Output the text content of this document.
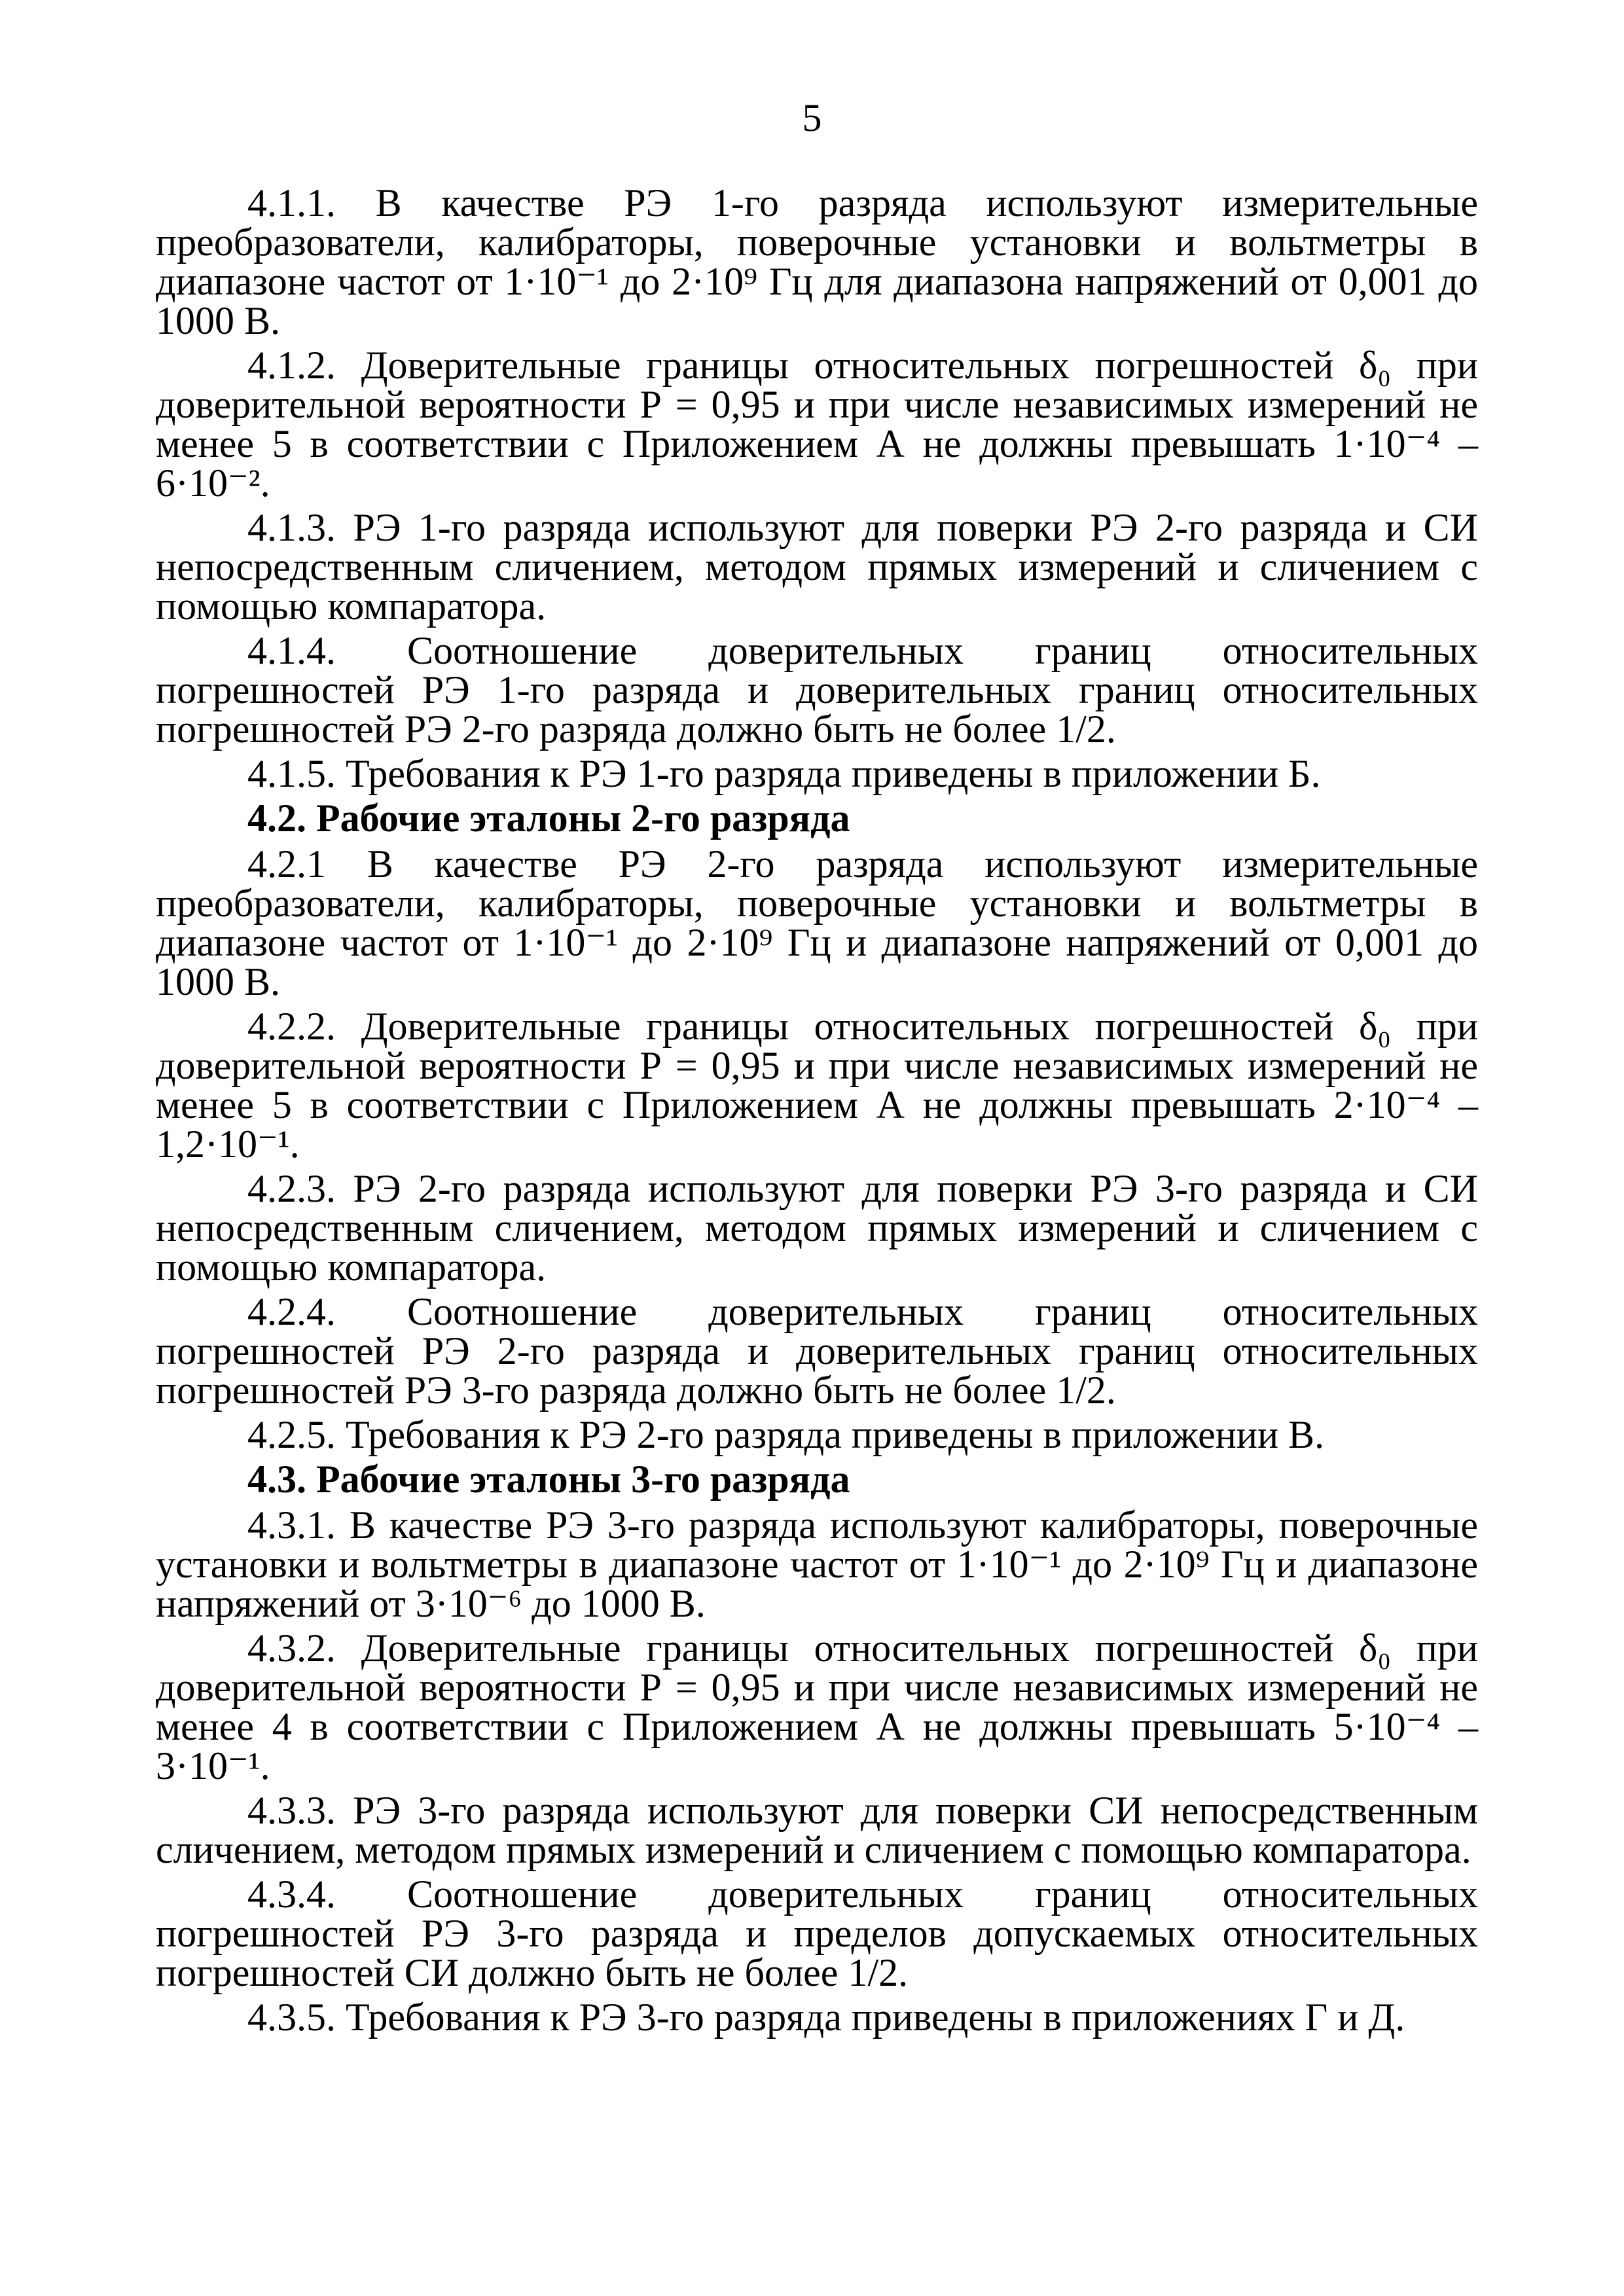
5

4.1.1. В качестве РЭ 1-го разряда используют измерительные преобразователи, калибраторы, поверочные установки и вольтметры в диапазоне частот от 1·10⁻¹ до 2·10⁹ Гц для диапазона напряжений от 0,001 до 1000 В.

4.1.2. Доверительные границы относительных погрешностей δ₀ при доверительной вероятности Р = 0,95 и при числе независимых измерений не менее 5 в соответствии с Приложением А не должны превышать 1·10⁻⁴ – 6·10⁻².

4.1.3. РЭ 1-го разряда используют для поверки РЭ 2-го разряда и СИ непосредственным сличением, методом прямых измерений и сличением с помощью компаратора.

4.1.4. Соотношение доверительных границ относительных погрешностей РЭ 1-го разряда и доверительных границ относительных погрешностей РЭ 2-го разряда должно быть не более 1/2.

4.1.5. Требования к РЭ 1-го разряда приведены в приложении Б.

4.2. Рабочие эталоны 2-го разряда

4.2.1 В качестве РЭ 2-го разряда используют измерительные преобразователи, калибраторы, поверочные установки и вольтметры в диапазоне частот от 1·10⁻¹ до 2·10⁹ Гц и диапазоне напряжений от 0,001 до 1000 В.

4.2.2. Доверительные границы относительных погрешностей δ₀ при доверительной вероятности Р = 0,95 и при числе независимых измерений не менее 5 в соответствии с Приложением А не должны превышать 2·10⁻⁴ – 1,2·10⁻¹.

4.2.3. РЭ 2-го разряда используют для поверки РЭ 3-го разряда и СИ непосредственным сличением, методом прямых измерений и сличением с помощью компаратора.

4.2.4. Соотношение доверительных границ относительных погрешностей РЭ 2-го разряда и доверительных границ относительных погрешностей РЭ 3-го разряда должно быть не более 1/2.

4.2.5. Требования к РЭ 2-го разряда приведены в приложении В.

4.3. Рабочие эталоны 3-го разряда

4.3.1. В качестве РЭ 3-го разряда используют калибраторы, поверочные установки и вольтметры в диапазоне частот от 1·10⁻¹ до 2·10⁹ Гц и диапазоне напряжений от 3·10⁻⁶ до 1000 В.

4.3.2. Доверительные границы относительных погрешностей δ₀ при доверительной вероятности Р = 0,95 и при числе независимых измерений не менее 4 в соответствии с Приложением А не должны превышать 5·10⁻⁴ – 3·10⁻¹.

4.3.3. РЭ 3-го разряда используют для поверки СИ непосредственным сличением, методом прямых измерений и сличением с помощью компаратора.

4.3.4. Соотношение доверительных границ относительных погрешностей РЭ 3-го разряда и пределов допускаемых относительных погрешностей СИ должно быть не более 1/2.

4.3.5. Требования к РЭ 3-го разряда приведены в приложениях Г и Д.
